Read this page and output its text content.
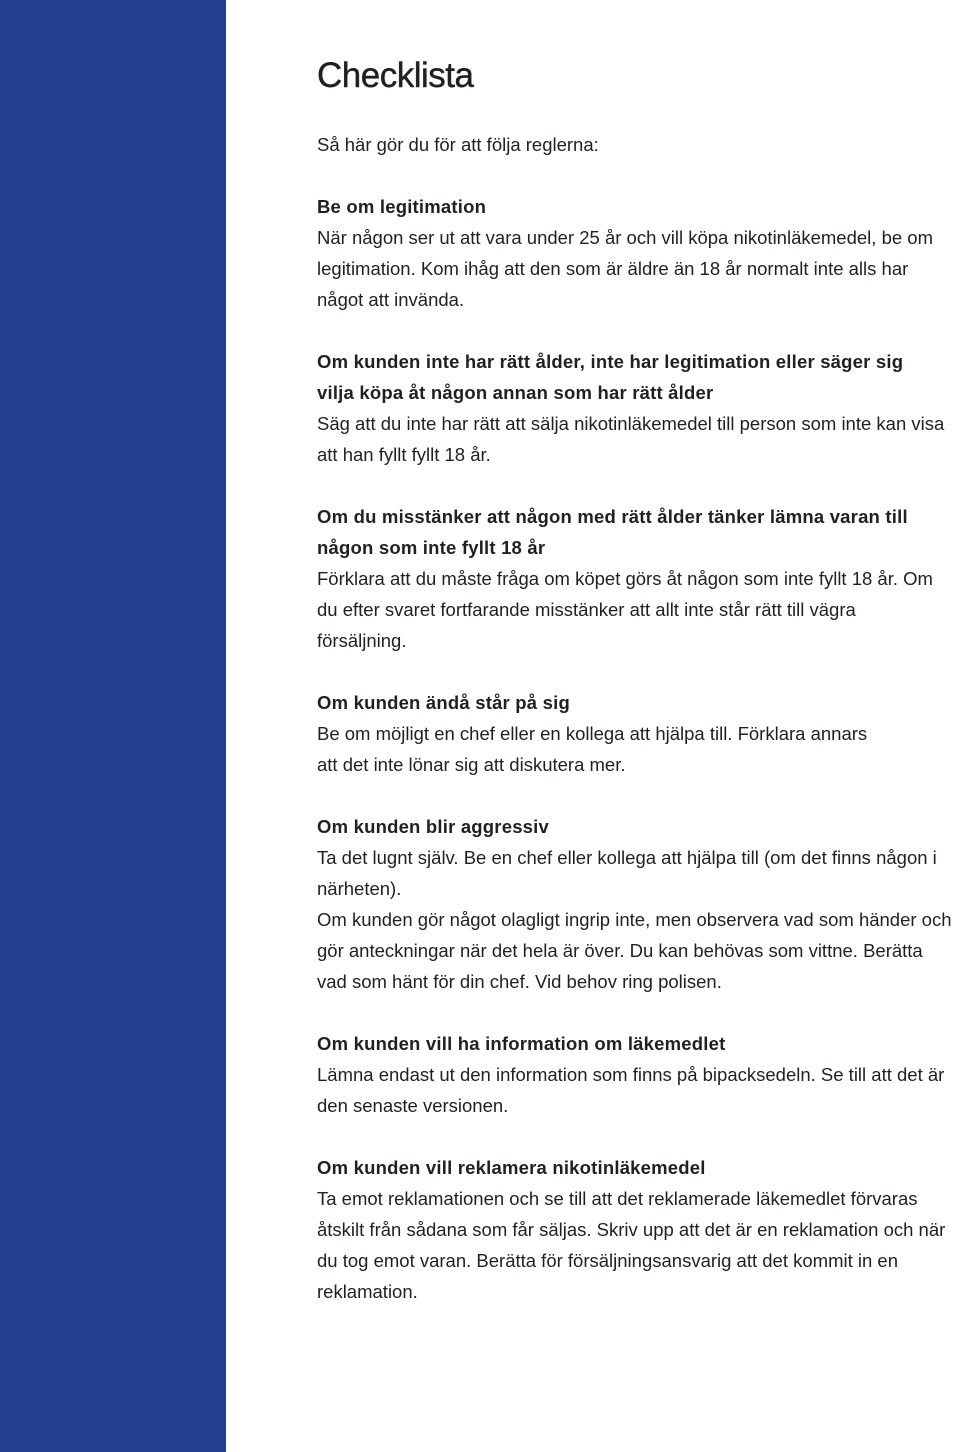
Checklista

Så här gör du för att följa reglerna:

Be om legitimation

När någon ser ut att vara under 25 år och vill köpa nikotinläkemedel, be om legitimation. Kom ihåg att den som är äldre än 18 år normalt inte alls har något att invända.

Om kunden inte har rätt ålder, inte har legitimation eller säger sig vilja köpa åt någon annan som har rätt ålder

Säg att du inte har rätt att sälja nikotinläkemedel till person som inte kan visa att han fyllt fyllt 18 år.

Om du misstänker att någon med rätt ålder tänker lämna varan till någon som inte fyllt 18 år

Förklara att du måste fråga om köpet görs åt någon som inte fyllt 18 år. Om du efter svaret fortfarande misstänker att allt inte står rätt till vägra försäljning.

Om kunden ändå står på sig

Be om möjligt en chef eller en kollega att hjälpa till. Förklara annars att det inte lönar sig att diskutera mer.

Om kunden blir aggressiv

Ta det lugnt själv. Be en chef eller kollega att hjälpa till (om det finns någon i närheten).

Om kunden gör något olagligt ingrip inte, men observera vad som händer och gör anteckningar när det hela är över. Du kan behövas som vittne. Berätta vad som hänt för din chef. Vid behov ring polisen.

Om kunden vill ha information om läkemedlet

Lämna endast ut den information som finns på bipacksedeln. Se till att det är den senaste versionen.

Om kunden vill reklamera nikotinläkemedel

Ta emot reklamationen och se till att det reklamerade läkemedlet förvaras åtskilt från sådana som får säljas. Skriv upp att det är en reklamation och när du tog emot varan. Berätta för försäljningsansvarig att det kommit in en reklamation.
